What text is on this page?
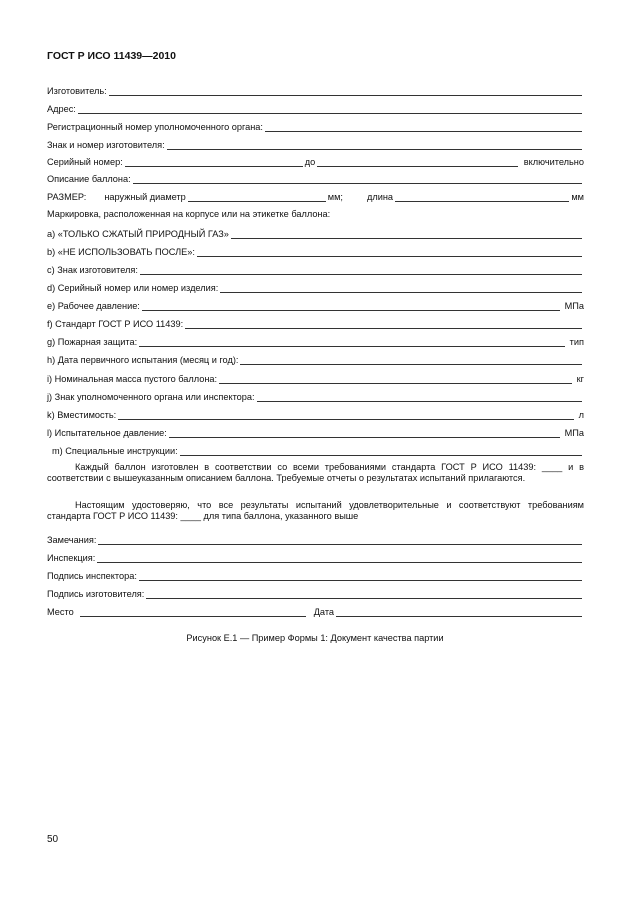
ГОСТ Р ИСО 11439—2010
Изготовитель:
Адрес:
Регистрационный номер уполномоченного органа:
Знак и номер изготовителя:
Серийный номер:	до	включительно
Описание баллона:
РАЗМЕР: наружный диаметр	мм;	длина	мм
Маркировка, расположенная на корпусе или на этикетке баллона:
a) «ТОЛЬКО СЖАТЫЙ ПРИРОДНЫЙ ГАЗ»
b) «НЕ ИСПОЛЬЗОВАТЬ ПОСЛЕ»:
c) Знак изготовителя:
d) Серийный номер или номер изделия:
e) Рабочее давление:	МПа
f) Стандарт ГОСТ Р ИСО 11439:
g) Пожарная защита:	тип
h) Дата первичного испытания (месяц и год):
i) Номинальная масса пустого баллона:	кг
j) Знак уполномоченного органа или инспектора:
k) Вместимость:	л
l) Испытательное давление:	МПа
m) Специальные инструкции:
Каждый баллон изготовлен в соответствии со всеми требованиями стандарта ГОСТ Р ИСО 11439: ____ и в соответствии с вышеуказанным описанием баллона. Требуемые отчеты о результатах испытаний прилагаются.
Настоящим удостоверяю, что все результаты испытаний удовлетворительные и соответствуют требованиям стандарта ГОСТ Р ИСО 11439: ____ для типа баллона, указанного выше
Замечания:
Инспекция:
Подпись инспектора:
Подпись изготовителя:
Место	Дата
Рисунок Е.1 — Пример Формы 1: Документ качества партии
50
